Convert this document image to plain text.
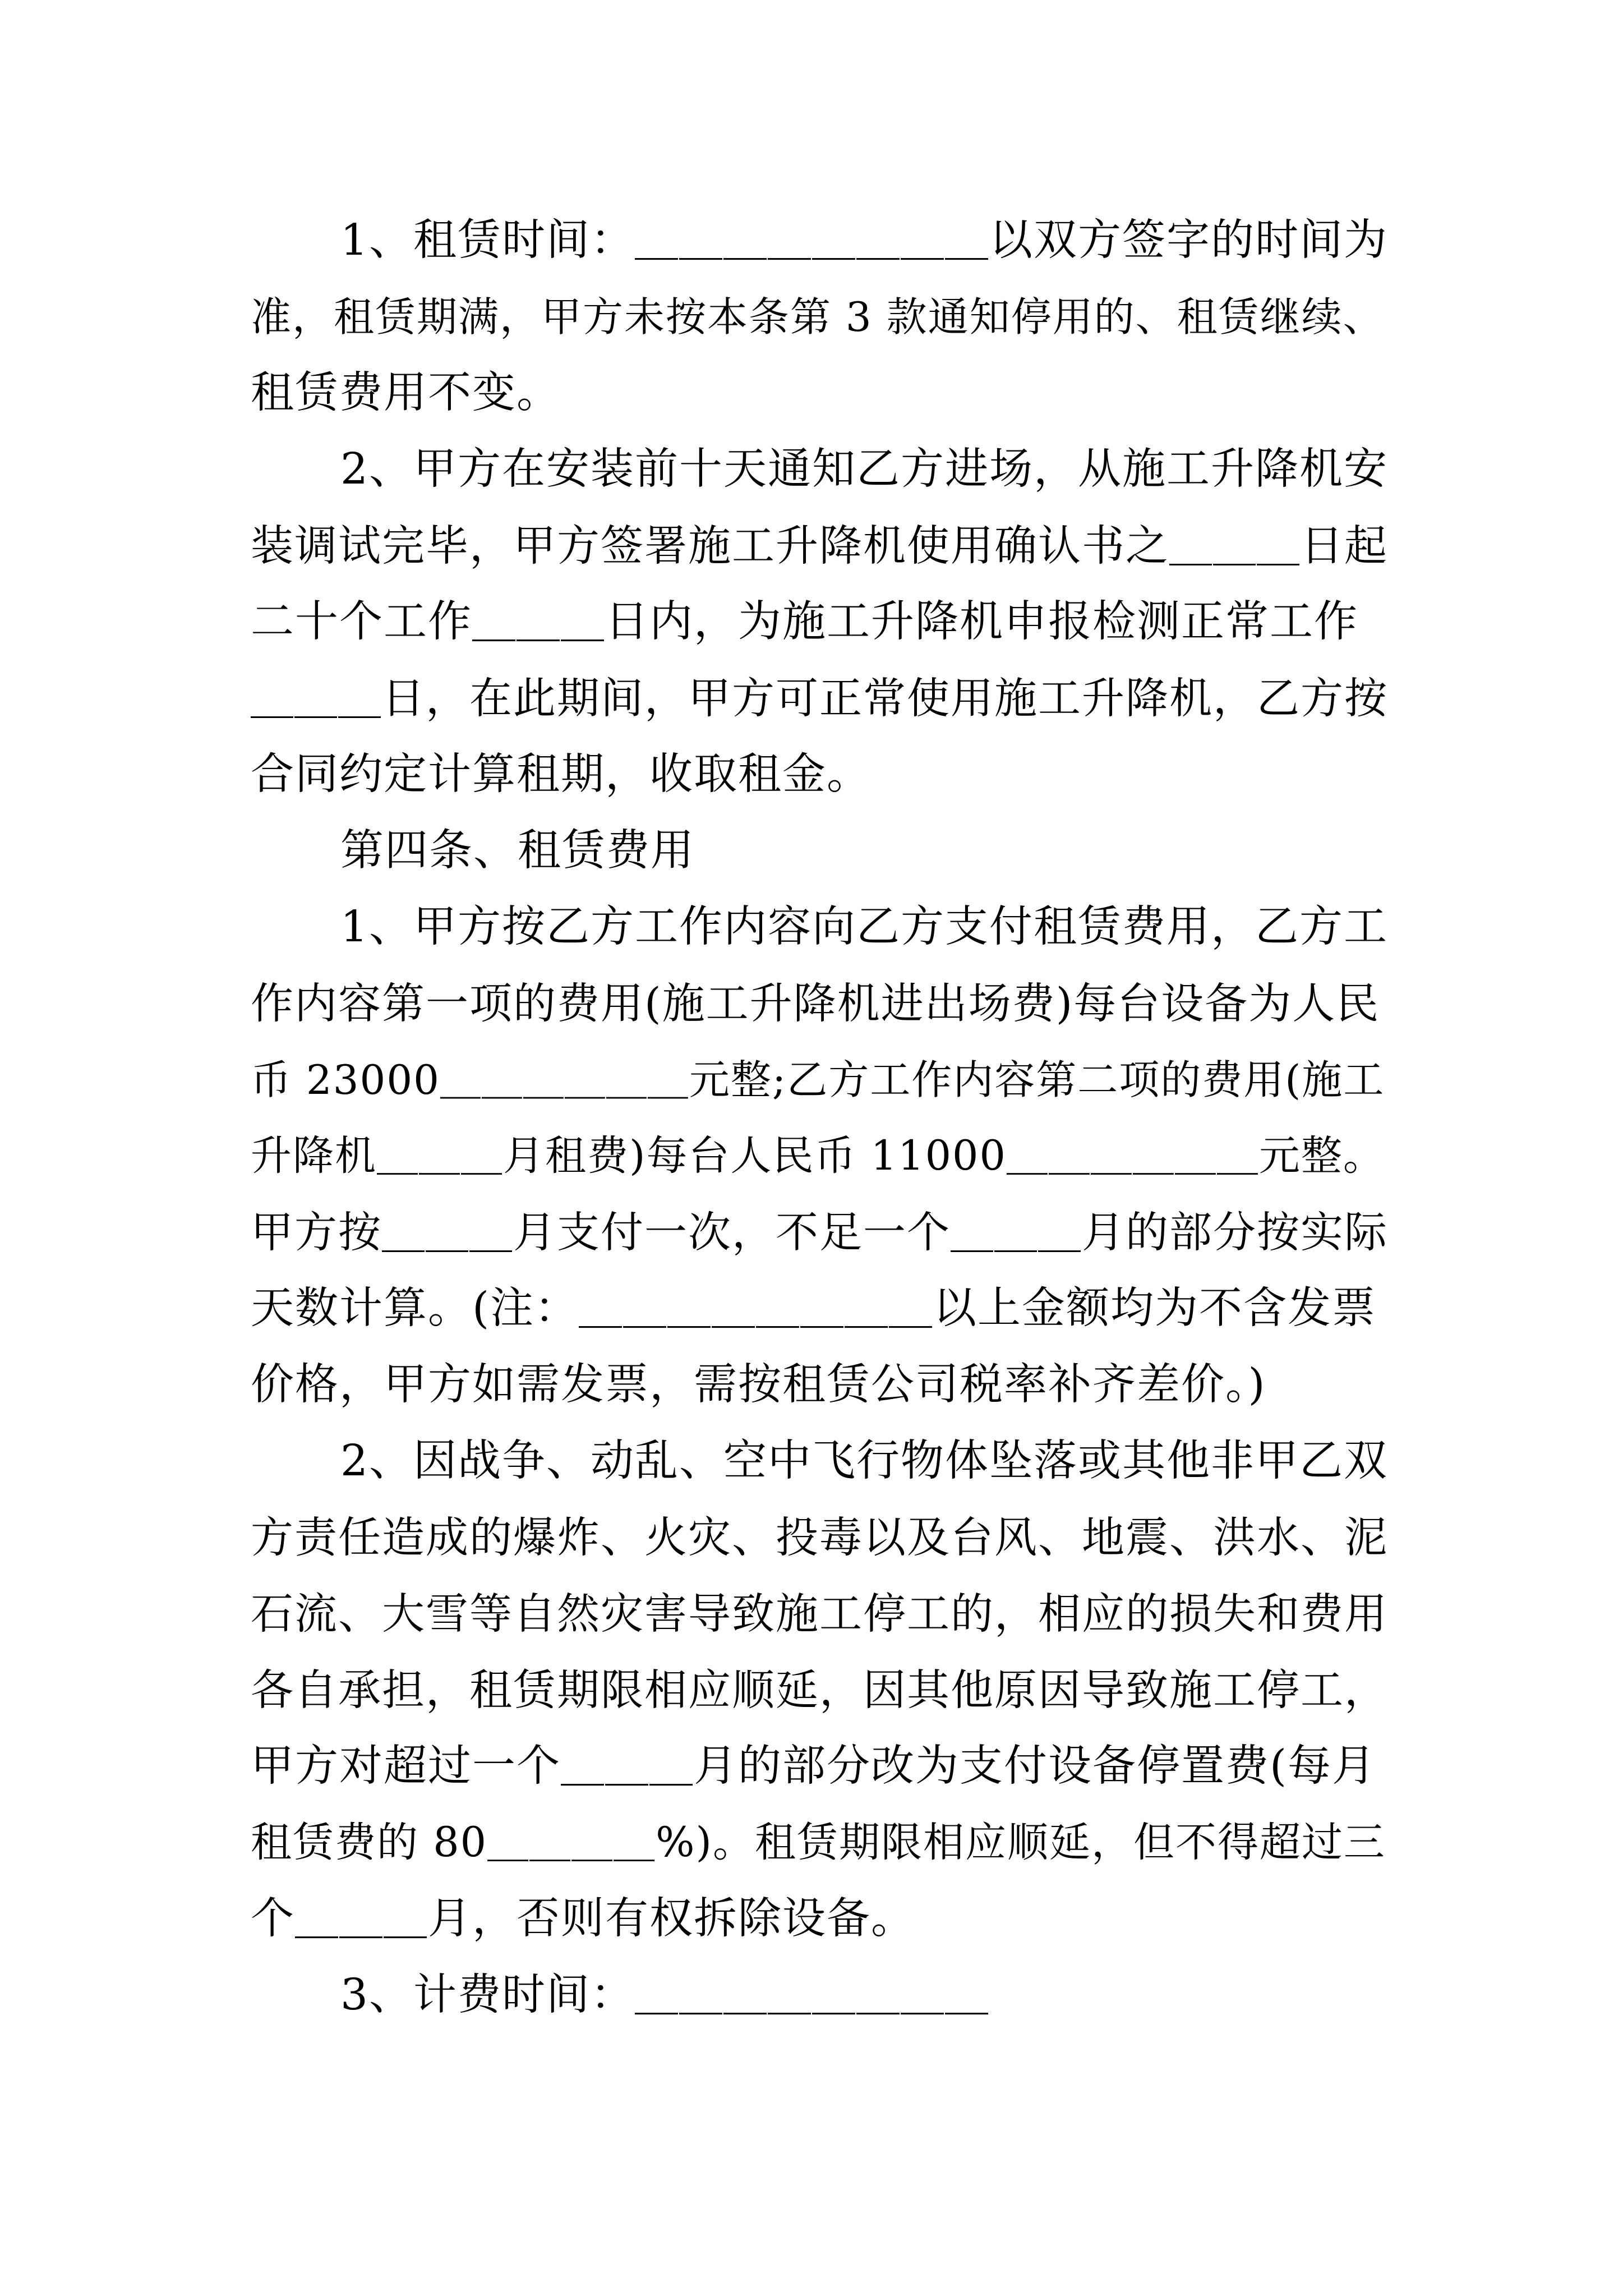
1、租赁时间：＿＿＿＿＿＿＿＿以双方签字的时间为
准，租赁期满，甲方未按本条第 3 款通知停用的、租赁继续、
租赁费用不变。
2、甲方在安装前十天通知乙方进场，从施工升降机安
装调试完毕，甲方签署施工升降机使用确认书之＿＿＿日起
二十个工作＿＿＿日内，为施工升降机申报检测正常工作
＿＿＿日，在此期间，甲方可正常使用施工升降机，乙方按
合同约定计算租期，收取租金。
第四条、租赁费用
1、甲方按乙方工作内容向乙方支付租赁费用，乙方工
作内容第一项的费用(施工升降机进出场费)每台设备为人民
币 23000＿＿＿＿＿＿元整;乙方工作内容第二项的费用(施工
升降机＿＿＿月租费)每台人民币 11000＿＿＿＿＿＿元整。
甲方按＿＿＿月支付一次，不足一个＿＿＿月的部分按实际
天数计算。(注：＿＿＿＿＿＿＿＿以上金额均为不含发票
价格，甲方如需发票，需按租赁公司税率补齐差价。)
2、因战争、动乱、空中飞行物体坠落或其他非甲乙双
方责任造成的爆炸、火灾、投毒以及台风、地震、洪水、泥
石流、大雪等自然灾害导致施工停工的，相应的损失和费用
各自承担，租赁期限相应顺延，因其他原因导致施工停工，
甲方对超过一个＿＿＿月的部分改为支付设备停置费(每月
租赁费的 80＿＿＿＿%)。租赁期限相应顺延，但不得超过三
个＿＿＿月，否则有权拆除设备。
3、计费时间：＿＿＿＿＿＿＿＿
